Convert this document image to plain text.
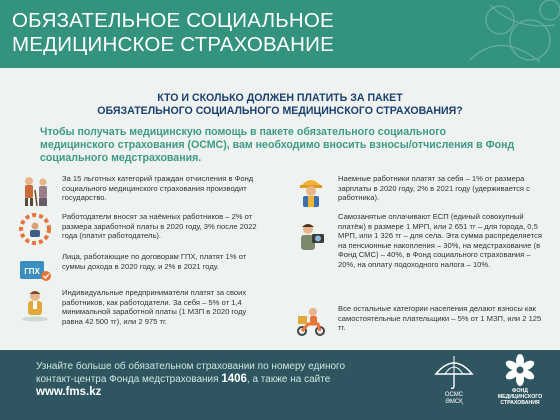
ОБЯЗАТЕЛЬНОЕ СОЦИАЛЬНОЕ
МЕДИЦИНСКОЕ СТРАХОВАНИЕ
КТО И СКОЛЬКО ДОЛЖЕН ПЛАТИТЬ ЗА ПАКЕТ
ОБЯЗАТЕЛЬНОГО СОЦИАЛЬНОГО МЕДИЦИНСКОГО СТРАХОВАНИЯ?
Чтобы получать медицинскую помощь в пакете обязательного социального медицинского страхования (ОСМС), вам необходимо вносить взносы/отчисления в Фонд социального медстрахования.
За 15 льготных категорий граждан отчисления в Фонд социального медицинского страхования производит государство.
Работодатели вносят за наёмных работников – 2% от размера заработной платы в 2020 году, 3% после 2022 года (платит работодатель).
ГПХ
Лица, работающие по договорам ГПХ, платят 1% от суммы дохода в 2020 году, и 2% в 2021 году.
Индивидуальные предприниматели платят за своих работников, как работодатели. За себя – 5% от 1,4 минимальной заработной платы (1 МЗП в 2020 году равна 42 500 тг), или 2 975 тг.
Наемные работники платят за себя – 1% от размера зарплаты в 2020 году, 2% в 2021 году (удерживается с работника).
Самозанятые оплачивают ЕСП (единый совокупный платёж) в размере 1 МРП, или 2 651 тг – для города, 0,5 МРП, или 1 326 тг – для села. Эта сумма распределяется на пенсионные накопления – 30%, на медстрахование (в Фонд СМС) – 40%, в Фонд социального страхования – 20%, на оплату подоходного налога – 10%.
Все остальные категории населения делают взносы как самостоятельные плательщики – 5% от 1 МЗП, или 2 125 тг.
Узнайте больше об обязательном страховании по номеру единого контакт-центра Фонда медстрахования 1406, а также на сайте www.fms.kz	ОСМС
ӘМСҚ
ФОНД
МЕДИЦИНСКОГО
СТРАХОВАНИЯ
